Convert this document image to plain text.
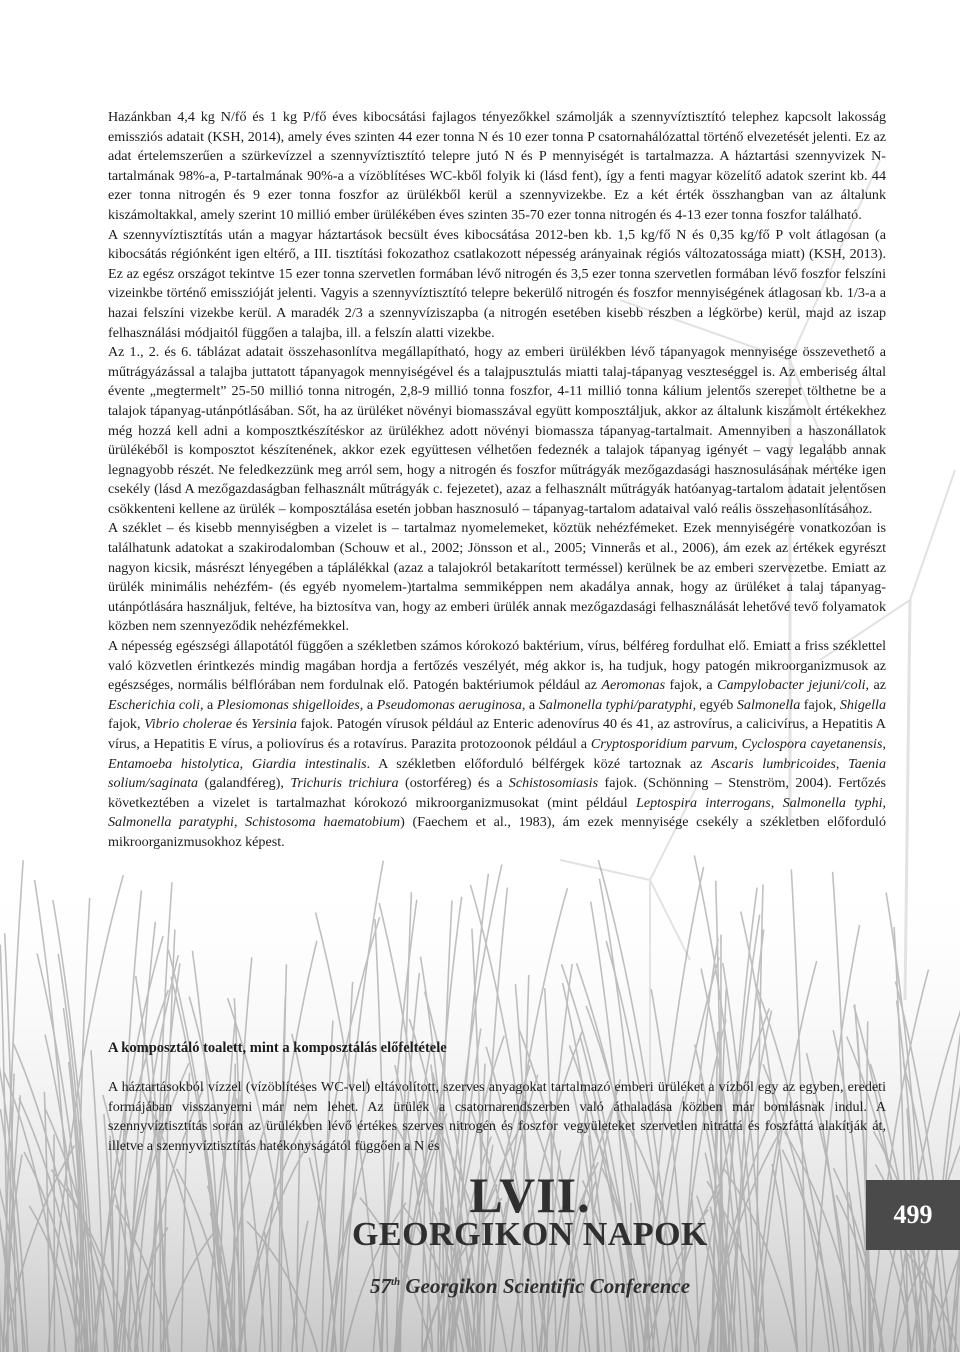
Hazánkban 4,4 kg N/fő és 1 kg P/fő éves kibocsátási fajlagos tényezőkkel számolják a szennyvíztisztító telephez kapcsolt lakosság emissziós adatait (KSH, 2014), amely éves szinten 44 ezer tonna N és 10 ezer tonna P csatornahálózattal történő elvezetését jelenti. Ez az adat értelemszerűen a szürkevízzel a szennyvíztisztító telepre jutó N és P mennyiségét is tartalmazza. A háztartási szennyvizek N-tartalmának 98%-a, P-tartalmának 90%-a a vízöblítéses WC-kből folyik ki (lásd fent), így a fenti magyar közelítő adatok szerint kb. 44 ezer tonna nitrogén és 9 ezer tonna foszfor az ürülékből kerül a szennyvizekbe. Ez a két érték összhangban van az általunk kiszámoltakkal, amely szerint 10 millió ember ürülékében éves szinten 35-70 ezer tonna nitrogén és 4-13 ezer tonna foszfor található.

A szennyvíztisztítás után a magyar háztartások becsült éves kibocsátása 2012-ben kb. 1,5 kg/fő N és 0,35 kg/fő P volt átlagosan (a kibocsátás régiónként igen eltérő, a III. tisztítási fokozathoz csatlakozott népesség arányainak régiós változatossága miatt) (KSH, 2013). Ez az egész országot tekintve 15 ezer tonna szervetlen formában lévő nitrogén és 3,5 ezer tonna szervetlen formában lévő foszfor felszíni vizeinkbe történő emisszióját jelenti. Vagyis a szennyvíztisztító telepre bekerülő nitrogén és foszfor mennyiségének átlagosan kb. 1/3-a a hazai felszíni vizekbe kerül. A maradék 2/3 a szennyvíziszapba (a nitrogén esetében kisebb részben a légkörbe) kerül, majd az iszap felhasználási módjaitól függően a talajba, ill. a felszín alatti vizekbe.

Az 1., 2. és 6. táblázat adatait összehasonlítva megállapítható, hogy az emberi ürülékben lévő tápanyagok mennyisége összevethető a műtrágyázással a talajba juttatott tápanyagok mennyiségével és a talajpusztulás miatti talaj-tápanyag veszteséggel is. Az emberiség által évente „megtermelt” 25-50 millió tonna nitrogén, 2,8-9 millió tonna foszfor, 4-11 millió tonna kálium jelentős szerepet tölthetne be a talajok tápanyag-utánpótlásában. Sőt, ha az ürüléket növényi biomasszával együtt komposztáljuk, akkor az általunk kiszámolt értékekhez még hozzá kell adni a komposztkészítéskor az ürülékhez adott növényi biomassza tápanyag-tartalmait. Amennyiben a haszonállatok ürülékéből is komposztot készítenének, akkor ezek együttesen vélhetően fedeznék a talajok tápanyag igényét – vagy legalább annak legnagyobb részét. Ne feledkezzünk meg arról sem, hogy a nitrogén és foszfor műtrágyák mezőgazdasági hasznosulásának mértéke igen csekély (lásd A mezőgazdaságban felhasznált műtrágyák c. fejezetet), azaz a felhasznált műtrágyák hatóanyag-tartalom adatait jelentősen csökkenteni kellene az ürülék – komposztálása esetén jobban hasznosuló – tápanyag-tartalom adataival való reális összehasonlításához.

A széklet – és kisebb mennyiségben a vizelet is – tartalmaz nyomelemeket, köztük nehézfémeket. Ezek mennyiségére vonatkozóan is találhatunk adatokat a szakirodalomban (Schouw et al., 2002; Jönsson et al., 2005; Vinnerås et al., 2006), ám ezek az értékek egyrészt nagyon kicsik, másrészt lényegében a táplálékkal (azaz a talajokról betakarított terméssel) kerülnek be az emberi szervezetbe. Emiatt az ürülék minimális nehézfém- (és egyéb nyomelem-)tartalma semmiképpen nem akadálya annak, hogy az ürüléket a talaj tápanyag-utánpótlására használjuk, feltéve, ha biztosítva van, hogy az emberi ürülék annak mezőgazdasági felhasználását lehetővé tevő folyamatok közben nem szennyeződik nehézfémekkel.

A népesség egészségi állapotától függően a székletben számos kórokozó baktérium, vírus, bélféreg fordulhat elő. Emiatt a friss széklettel való közvetlen érintkezés mindig magában hordja a fertőzés veszélyét, még akkor is, ha tudjuk, hogy patogén mikroorganizmusok az egészséges, normális bélflórában nem fordulnak elő. Patogén baktériumok például az Aeromonas fajok, a Campylobacter jejuni/coli, az Escherichia coli, a Plesiomonas shigelloides, a Pseudomonas aeruginosa, a Salmonella typhi/paratyphi, egyéb Salmonella fajok, Shigella fajok, Vibrio cholerae és Yersinia fajok. Patogén vírusok például az Enteric adenovírus 40 és 41, az astrovírus, a calicivírus, a Hepatitis A vírus, a Hepatitis E vírus, a poliovírus és a rotavírus. Parazita protozoonok például a Cryptosporidium parvum, Cyclospora cayetanensis, Entamoeba histolytica, Giardia intestinalis. A székletben előforduló bélférgek közé tartoznak az Ascaris lumbricoides, Taenia solium/saginata (galandféreg), Trichuris trichiura (ostorféreg) és a Schistosomiasis fajok. (Schönning – Stenström, 2004). Fertőzés következtében a vizelet is tartalmazhat kórokozó mikroorganizmusokat (mint például Leptospira interrogans, Salmonella typhi, Salmonella paratyphi, Schistosoma haematobium) (Faechem et al., 1983), ám ezek mennyisége csekély a székletben előforduló mikroorganizmusokhoz képest.

A komposztáló toalett, mint a komposztálás előfeltétele
A háztartásokból vízzel (vízöblítéses WC-vel) eltávolított, szerves anyagokat tartalmazó emberi ürüléket a vízből egy az egyben, eredeti formájában visszanyerni már nem lehet. Az ürülék a csatornarendszerben való áthaladása közben már bomlásnak indul. A szennyvíztisztítás során az ürülékben lévő értékes szerves nitrogén és foszfor vegyületeket szervetlen nitráttá és foszfáttá alakítják át, illetve a szennyvíztisztítás hatékonyságától függően a N és
LVII.
GEORGIKON NAPOK
57th Georgikon Scientific Conference
499
